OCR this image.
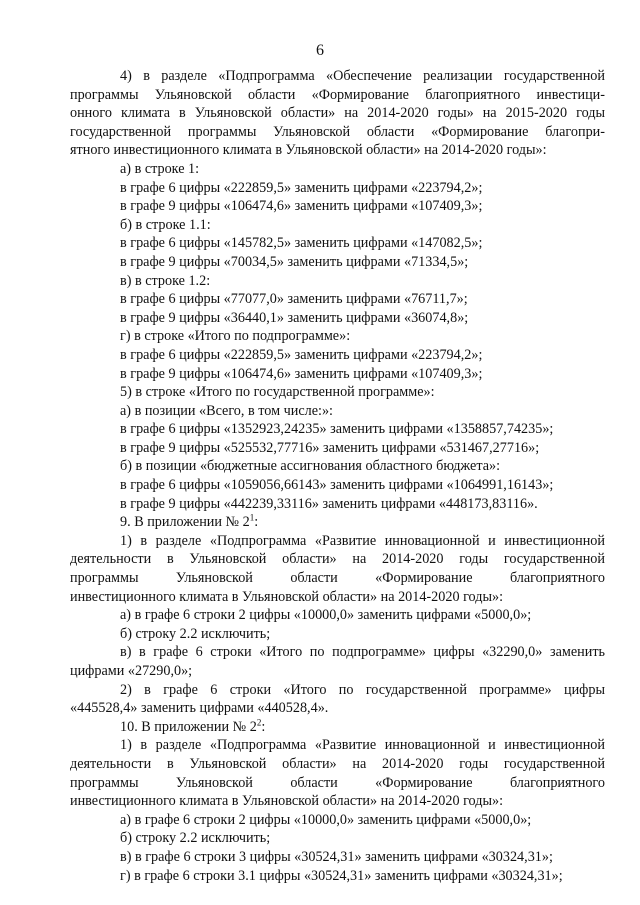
6
4) в разделе «Подпрограмма «Обеспечение реализации государственной
программы Ульяновской области «Формирование благоприятного инвестици-
онного климата в Ульяновской области» на 2014-2020 годы» на 2015-2020 годы
государственной программы Ульяновской области «Формирование благопри-
ятного инвестиционного климата в Ульяновской области» на 2014-2020 годы»:
а) в строке 1:
в графе 6 цифры «222859,5» заменить цифрами «223794,2»;
в графе 9 цифры «106474,6» заменить цифрами «107409,3»;
б) в строке 1.1:
в графе 6 цифры «145782,5» заменить цифрами «147082,5»;
в графе 9 цифры «70034,5» заменить цифрами «71334,5»;
в) в строке 1.2:
в графе 6 цифры «77077,0» заменить цифрами «76711,7»;
в графе 9 цифры «36440,1» заменить цифрами «36074,8»;
г) в строке «Итого по подпрограмме»:
в графе 6 цифры «222859,5» заменить цифрами «223794,2»;
в графе 9 цифры «106474,6» заменить цифрами «107409,3»;
5) в строке «Итого по государственной программе»:
а) в позиции «Всего, в том числе:»:
в графе 6 цифры «1352923,24235» заменить цифрами «1358857,74235»;
в графе 9 цифры «525532,77716» заменить цифрами «531467,27716»;
б) в позиции «бюджетные ассигнования областного бюджета»:
в графе 6 цифры «1059056,66143» заменить цифрами «1064991,16143»;
в графе 9 цифры «442239,33116» заменить цифрами «448173,83116».
9. В приложении № $2^1$:
1) в разделе «Подпрограмма «Развитие инновационной и инвестиционной
деятельности в Ульяновской области» на 2014-2020 годы государственной
программы Ульяновской области «Формирование благоприятного
инвестиционного климата в Ульяновской области» на 2014-2020 годы»:
а) в графе 6 строки 2 цифры «10000,0» заменить цифрами «5000,0»;
б) строку 2.2 исключить;
в) в графе 6 строки «Итого по подпрограмме» цифры «32290,0» заменить
цифрами «27290,0»;
2) в графе 6 строки «Итого по государственной программе» цифры
«445528,4» заменить цифрами «440528,4».
10. В приложении № $2^2$:
1) в разделе «Подпрограмма «Развитие инновационной и инвестиционной
деятельности в Ульяновской области» на 2014-2020 годы государственной
программы Ульяновской области «Формирование благоприятного
инвестиционного климата в Ульяновской области» на 2014-2020 годы»:
а) в графе 6 строки 2 цифры «10000,0» заменить цифрами «5000,0»;
б) строку 2.2 исключить;
в) в графе 6 строки 3 цифры «30524,31» заменить цифрами «30324,31»;
г) в графе 6 строки 3.1 цифры «30524,31» заменить цифрами «30324,31»;
